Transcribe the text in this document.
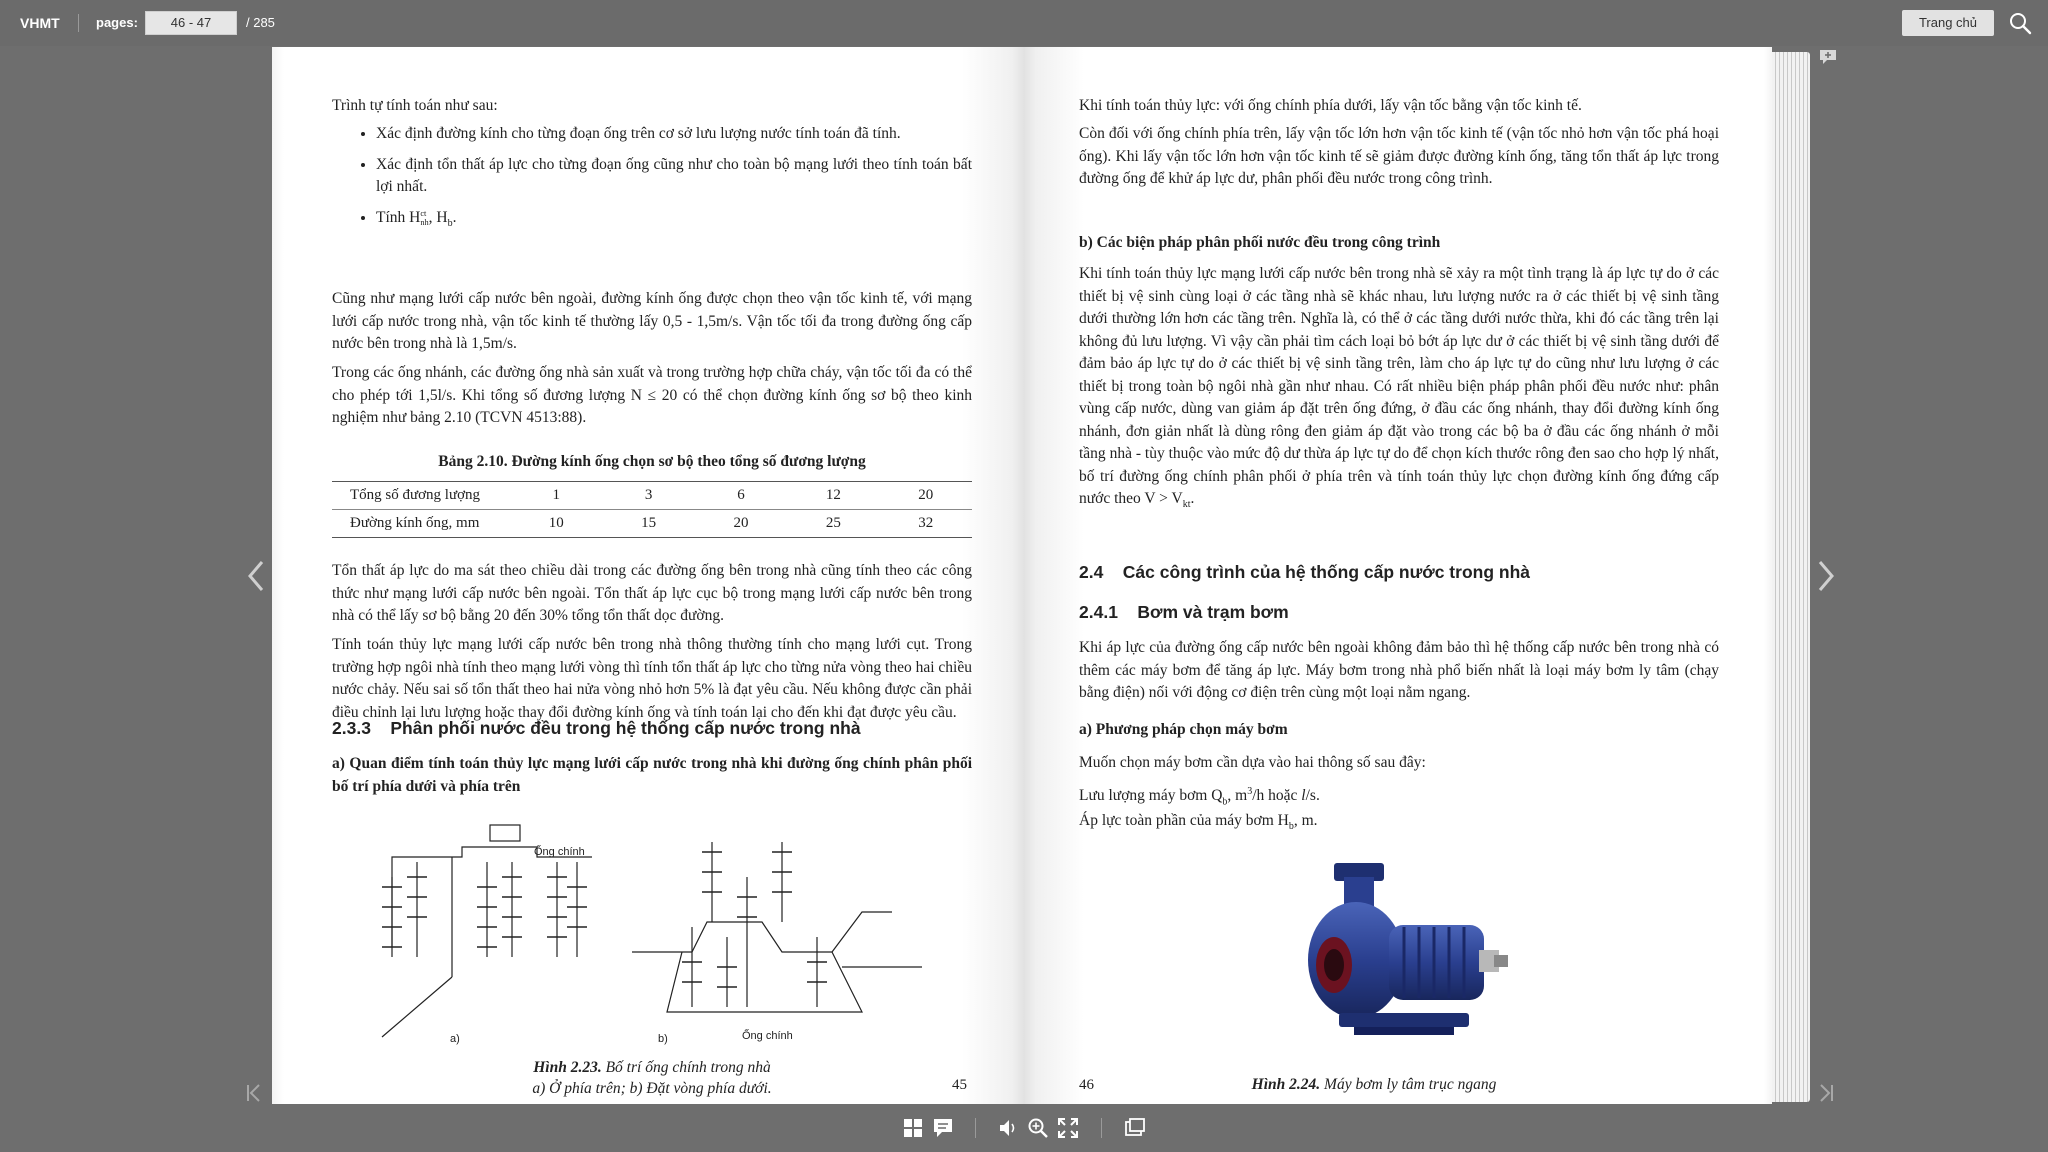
VHMT	pages:	46 - 47	/ 285	Trang chủ

Trình tự tính toán như sau:

• Xác định đường kính cho từng đoạn ống trên cơ sở lưu lượng nước tính toán đã tính.
• Xác định tổn thất áp lực cho từng đoạn ống cũng như cho toàn bộ mạng lưới theo tính toán bất lợi nhất.
• Tính H ct
nh , $H_b$.

Cũng như mạng lưới cấp nước bên ngoài, đường kính ống được chọn theo vận tốc kinh tế, với mạng lưới cấp nước trong nhà, vận tốc kinh tế thường lấy 0,5 - 1,5m/s. Vận tốc tối đa trong đường ống cấp nước bên trong nhà là 1,5m/s.

Trong các ống nhánh, các đường ống nhà sản xuất và trong trường hợp chữa cháy, vận tốc tối đa có thể cho phép tới 1,5l/s. Khi tổng số đương lượng N ≤ 20 có thể chọn đường kính ống sơ bộ theo kinh nghiệm như bảng 2.10 (TCVN 4513:88).

Bảng 2.10. Đường kính ống chọn sơ bộ theo tổng số đương lượng
Tổng số đương lượng	1	3	6	12	20
Đường kính ống, mm	10	15	20	25	32

Tổn thất áp lực do ma sát theo chiều dài trong các đường ống bên trong nhà cũng tính theo các công thức như mạng lưới cấp nước bên ngoài. Tổn thất áp lực cục bộ trong mạng lưới cấp nước bên trong nhà có thể lấy sơ bộ bằng 20 đến 30% tổng tổn thất dọc đường.

Tính toán thủy lực mạng lưới cấp nước bên trong nhà thông thường tính cho mạng lưới cụt. Trong trường hợp ngôi nhà tính theo mạng lưới vòng thì tính tổn thất áp lực cho từng nửa vòng theo hai chiều nước chảy. Nếu sai số tổn thất theo hai nửa vòng nhỏ hơn 5% là đạt yêu cầu. Nếu không được cần phải điều chỉnh lại lưu lượng hoặc thay đổi đường kính ống và tính toán lại cho đến khi đạt được yêu cầu.

2.3.3    Phân phối nước đều trong hệ thống cấp nước trong nhà

a) Quan điểm tính toán thủy lực mạng lưới cấp nước trong nhà khi đường ống chính phân phối bố trí phía dưới và phía trên

Ống chính
Ống chính
a)	b)
Hình 2.23. Bố trí ống chính trong nhà
a) Ở phía trên; b) Đặt vòng phía dưới.	45

Khi tính toán thủy lực: với ống chính phía dưới, lấy vận tốc bằng vận tốc kinh tế.

Còn đối với ống chính phía trên, lấy vận tốc lớn hơn vận tốc kinh tế (vận tốc nhỏ hơn vận tốc phá hoại ống). Khi lấy vận tốc lớn hơn vận tốc kinh tế sẽ giảm được đường kính ống, tăng tổn thất áp lực trong đường ống để khử áp lực dư, phân phối đều nước trong công trình.

b) Các biện pháp phân phối nước đều trong công trình

Khi tính toán thủy lực mạng lưới cấp nước bên trong nhà sẽ xảy ra một tình trạng là áp lực tự do ở các thiết bị vệ sinh cùng loại ở các tầng nhà sẽ khác nhau, lưu lượng nước ra ở các thiết bị vệ sinh tầng dưới thường lớn hơn các tầng trên. Nghĩa là, có thể ở các tầng dưới nước thừa, khi đó các tầng trên lại không đủ lưu lượng. Vì vậy cần phải tìm cách loại bỏ bớt áp lực dư ở các thiết bị vệ sinh tầng dưới để đảm bảo áp lực tự do ở các thiết bị vệ sinh tầng trên, làm cho áp lực tự do cũng như lưu lượng ở các thiết bị trong toàn bộ ngôi nhà gần như nhau. Có rất nhiều biện pháp phân phối đều nước như: phân vùng cấp nước, dùng van giảm áp đặt trên ống đứng, ở đầu các ống nhánh, thay đổi đường kính ống nhánh, đơn giản nhất là dùng rông đen giảm áp đặt vào trong các bộ ba ở đầu các ống nhánh ở mỗi tầng nhà - tùy thuộc vào mức độ dư thừa áp lực tự do để chọn kích thước rông đen sao cho hợp lý nhất, bố trí đường ống chính phân phối ở phía trên và tính toán thủy lực chọn đường kính ống đứng cấp nước theo $V > V_{kt}$.

2.4    Các công trình của hệ thống cấp nước trong nhà
2.4.1    Bơm và trạm bơm

Khi áp lực của đường ống cấp nước bên ngoài không đảm bảo thì hệ thống cấp nước bên trong nhà có thêm các máy bơm để tăng áp lực. Máy bơm trong nhà phổ biến nhất là loại máy bơm ly tâm (chạy bằng điện) nối với động cơ điện trên cùng một loại nằm ngang.

a) Phương pháp chọn máy bơm

Muốn chọn máy bơm cần dựa vào hai thông số sau đây:

Lưu lượng máy bơm $Q_b$, $m^3/h$ hoặc l/s.

Áp lực toàn phần của máy bơm $H_b$, m.

Hình 2.24. Máy bơm ly tâm trục ngang
46
